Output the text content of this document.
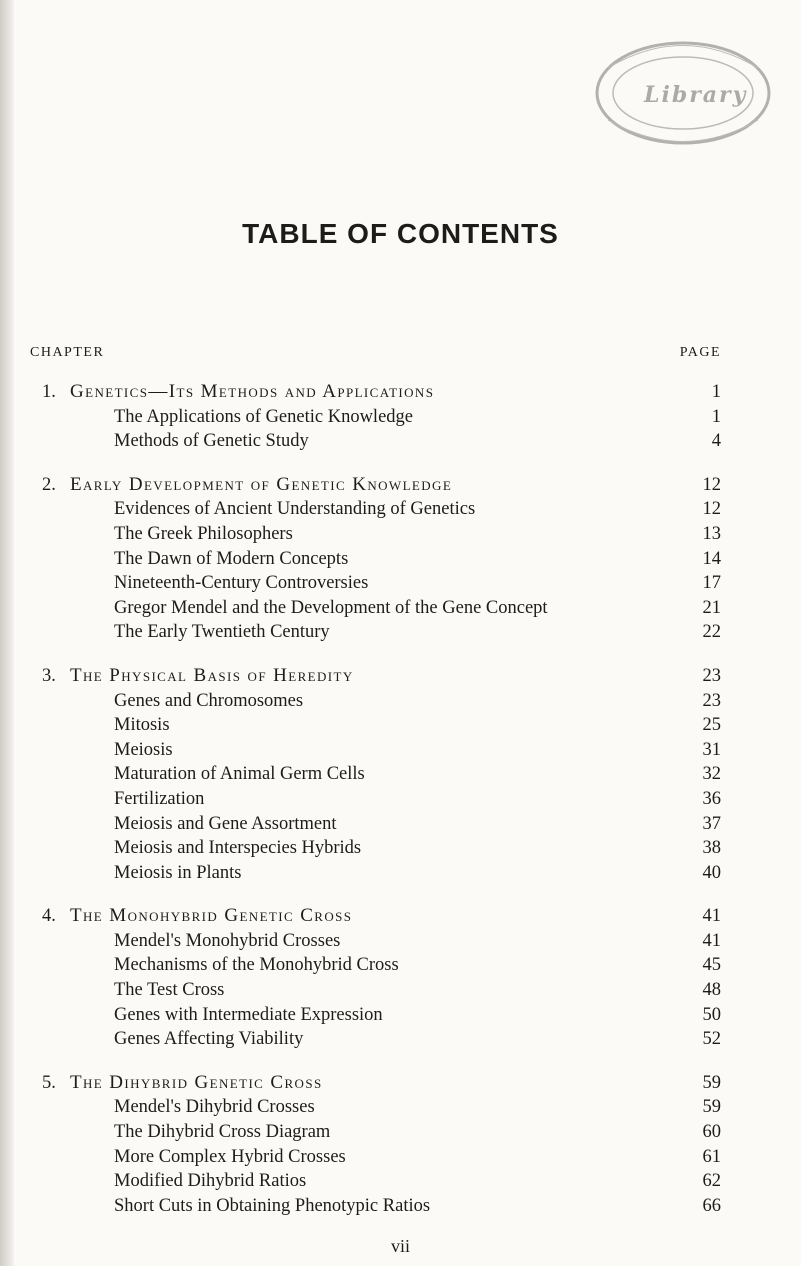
Library
TABLE OF CONTENTS
CHAPTER	PAGE
1. Genetics—Its Methods and Applications	1
The Applications of Genetic Knowledge	1
Methods of Genetic Study	4
2. Early Development of Genetic Knowledge	12
Evidences of Ancient Understanding of Genetics	12
The Greek Philosophers	13
The Dawn of Modern Concepts	14
Nineteenth-Century Controversies	17
Gregor Mendel and the Development of the Gene Concept	21
The Early Twentieth Century	22
3. The Physical Basis of Heredity	23
Genes and Chromosomes	23
Mitosis	25
Meiosis	31
Maturation of Animal Germ Cells	32
Fertilization	36
Meiosis and Gene Assortment	37
Meiosis and Interspecies Hybrids	38
Meiosis in Plants	40
4. The Monohybrid Genetic Cross	41
Mendel's Monohybrid Crosses	41
Mechanisms of the Monohybrid Cross	45
The Test Cross	48
Genes with Intermediate Expression	50
Genes Affecting Viability	52
5. The Dihybrid Genetic Cross	59
Mendel's Dihybrid Crosses	59
The Dihybrid Cross Diagram	60
More Complex Hybrid Crosses	61
Modified Dihybrid Ratios	62
Short Cuts in Obtaining Phenotypic Ratios	66
vii
